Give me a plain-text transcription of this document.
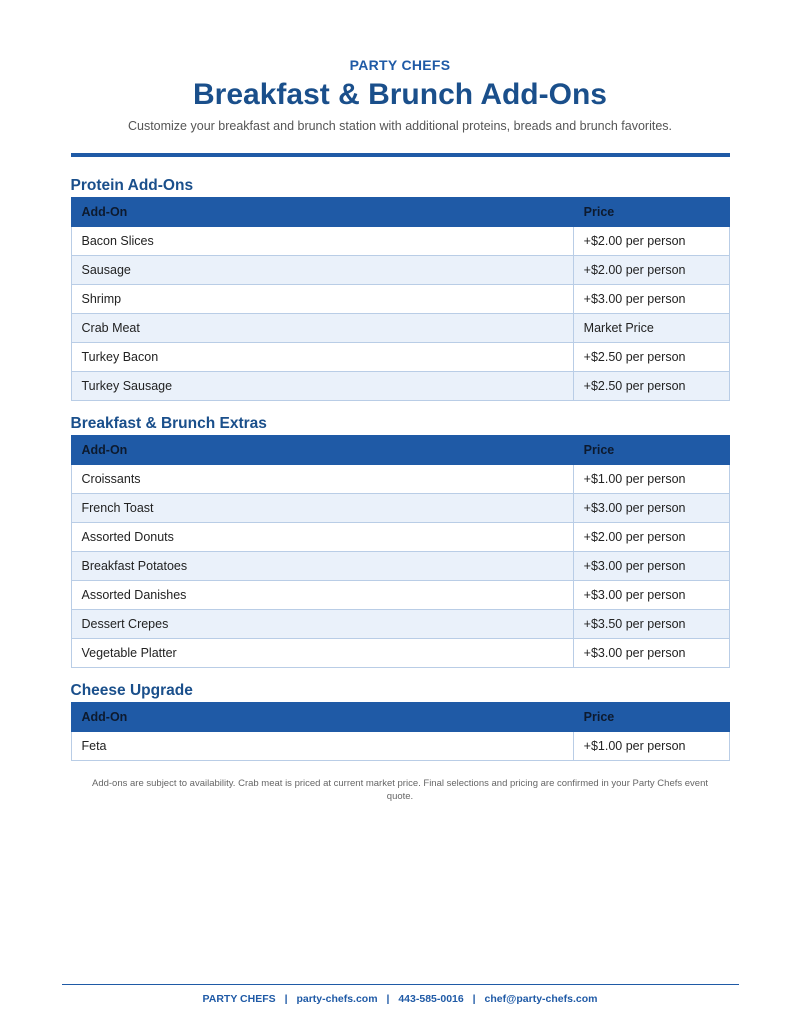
PARTY CHEFS
Breakfast & Brunch Add-Ons
Customize your breakfast and brunch station with additional proteins, breads and brunch favorites.
Protein Add-Ons
Add-On	Price
Bacon Slices	+$2.00 per person
Sausage	+$2.00 per person
Shrimp	+$3.00 per person
Crab Meat	Market Price
Turkey Bacon	+$2.50 per person
Turkey Sausage	+$2.50 per person
Breakfast & Brunch Extras
Add-On	Price
Croissants	+$1.00 per person
French Toast	+$3.00 per person
Assorted Donuts	+$2.00 per person
Breakfast Potatoes	+$3.00 per person
Assorted Danishes	+$3.00 per person
Dessert Crepes	+$3.50 per person
Vegetable Platter	+$3.00 per person
Cheese Upgrade
Add-On	Price
Feta	+$1.00 per person
Add-ons are subject to availability. Crab meat is priced at current market price. Final selections and pricing are confirmed in your Party Chefs event quote.
PARTY CHEFS | party-chefs.com | 443-585-0016 | chef@party-chefs.com
